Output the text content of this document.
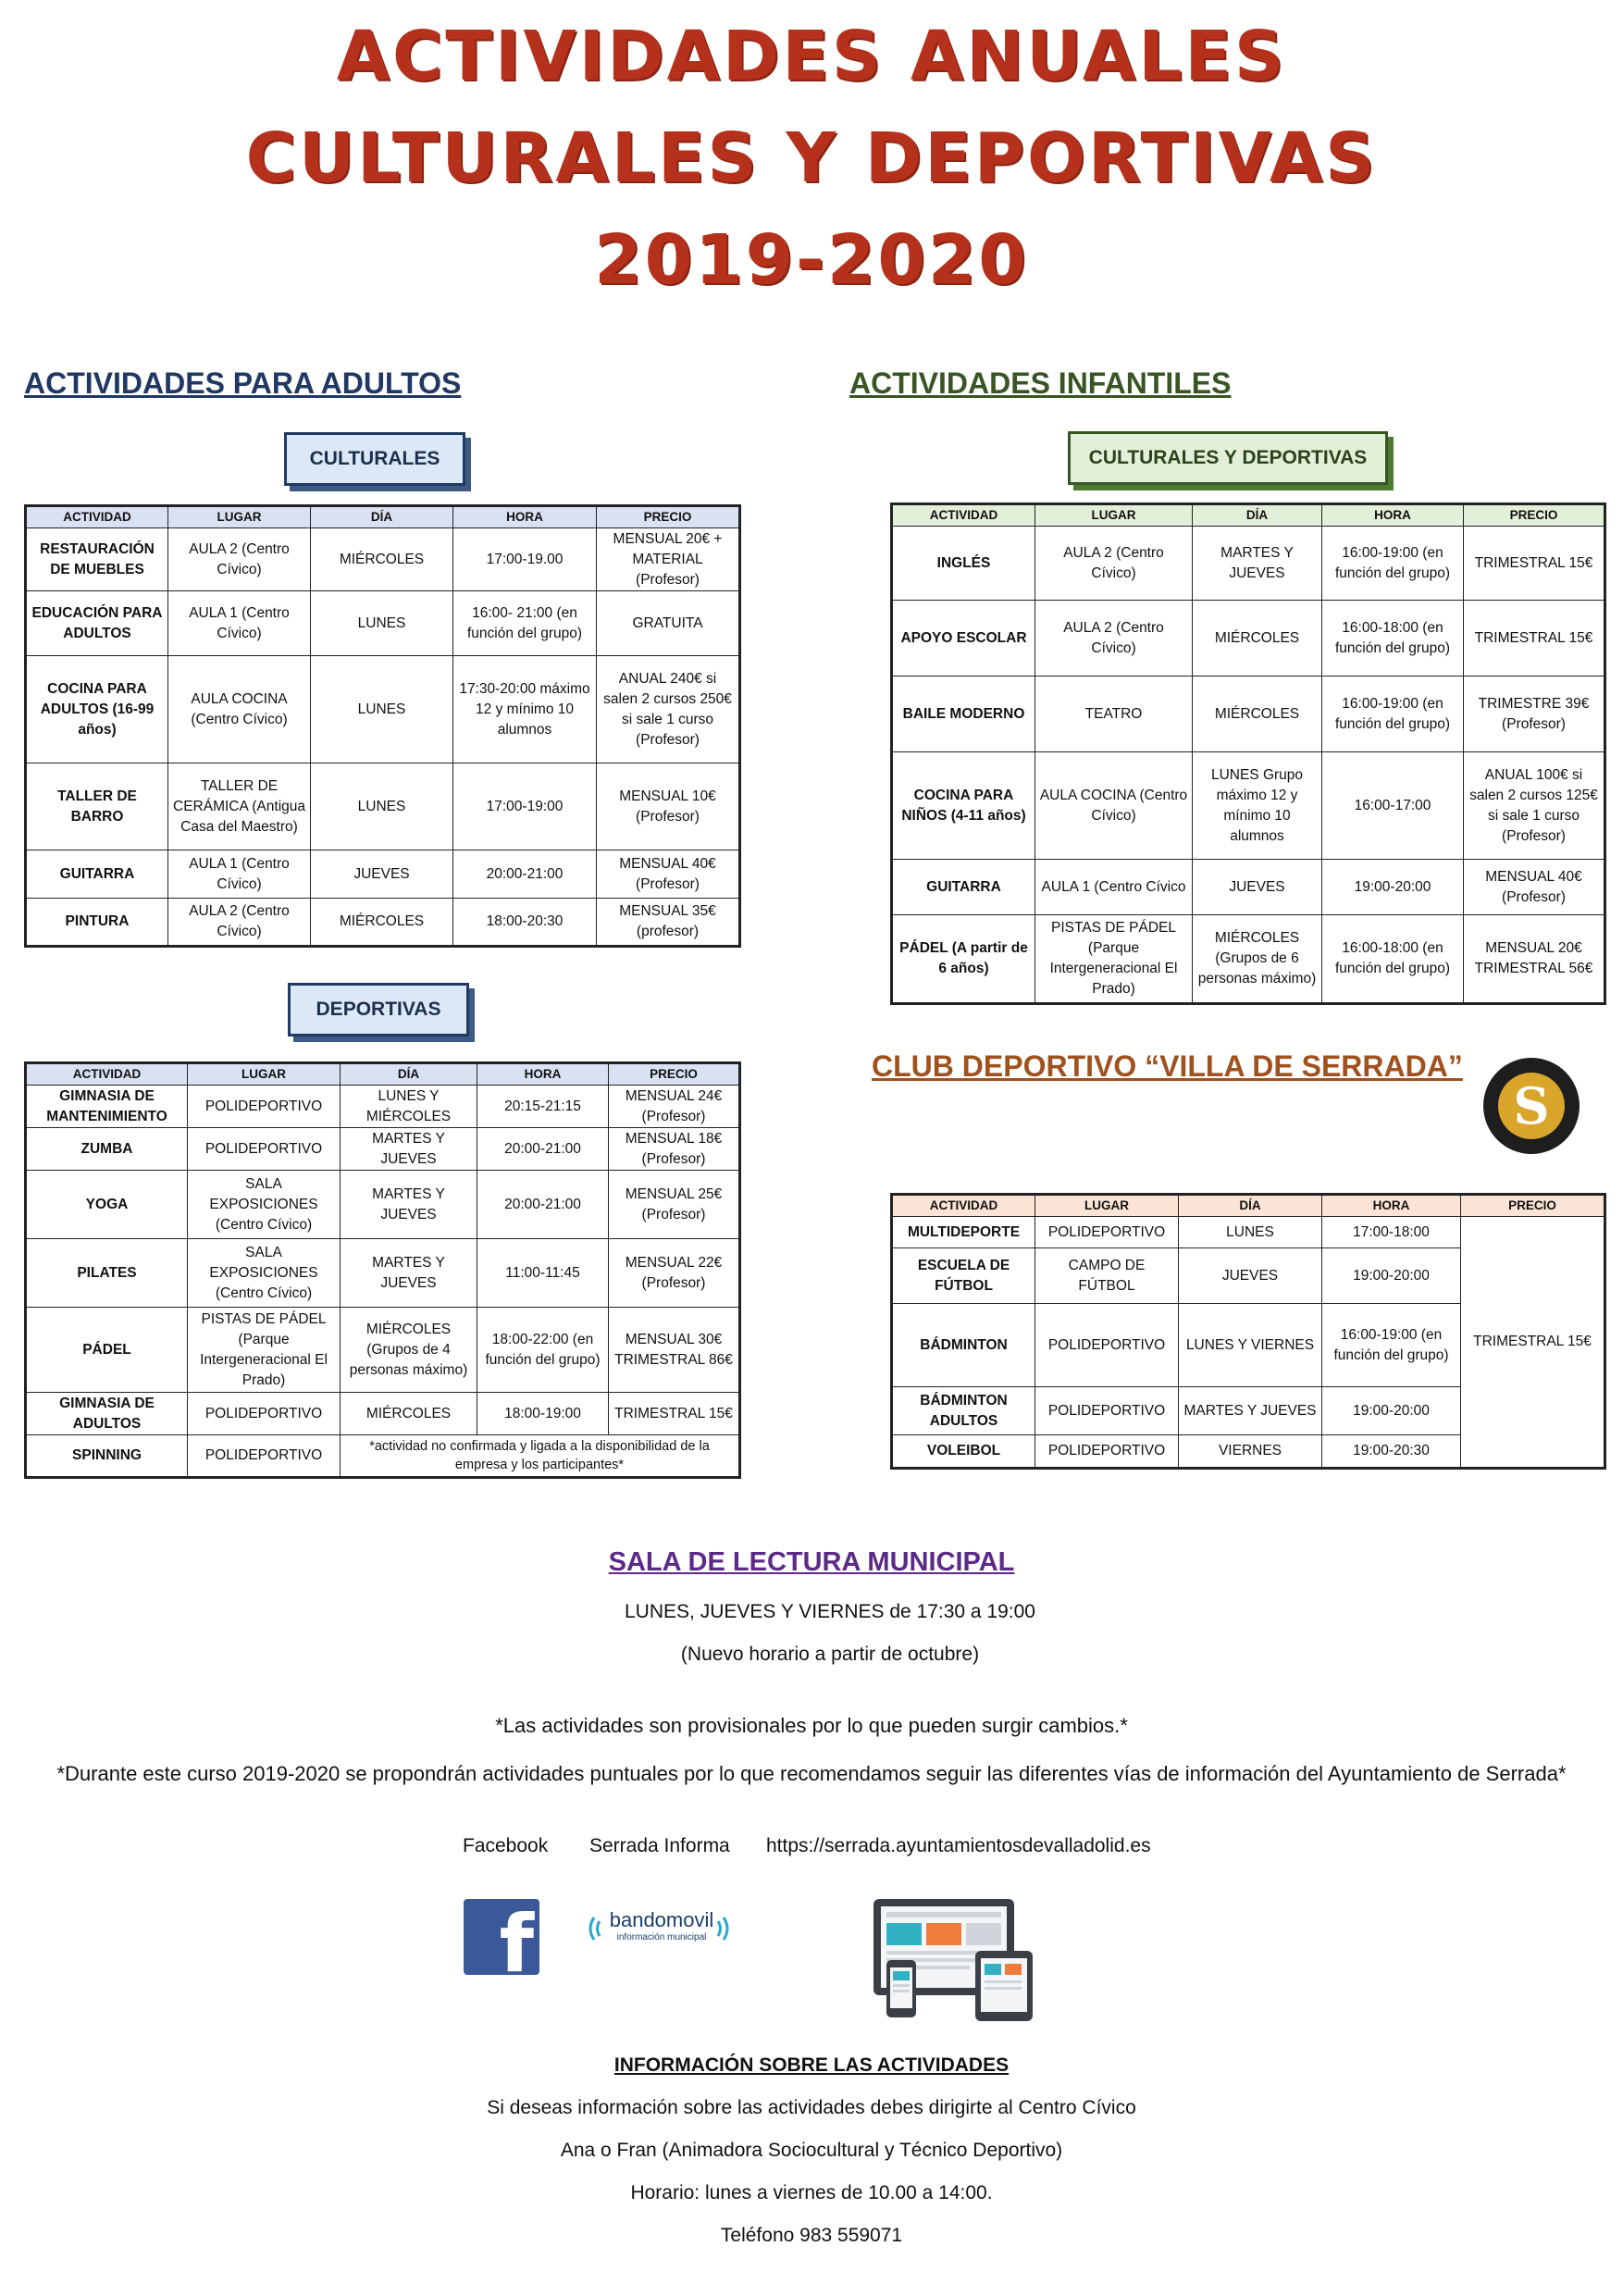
ACTIVIDADES ANUALES
CULTURALES Y DEPORTIVAS
2019-2020
ACTIVIDADES PARA ADULTOS
CULTURALES
ACTIVIDAD	LUGAR	DÍA	HORA	PRECIO
RESTAURACIÓN DE MUEBLES	AULA 2 (Centro Cívico)	MIÉRCOLES	17:00-19.00	MENSUAL 20€ + MATERIAL (Profesor)
EDUCACIÓN PARA ADULTOS	AULA 1 (Centro Cívico)	LUNES	16:00- 21:00 (en función del grupo)	GRATUITA
COCINA PARA ADULTOS (16-99 años)	AULA COCINA (Centro Cívico)	LUNES	17:30-20:00 máximo 12 y mínimo 10 alumnos	ANUAL 240€ si salen 2 cursos 250€ si sale 1 curso (Profesor)
TALLER DE BARRO	TALLER DE CERÁMICA (Antigua Casa del Maestro)	LUNES	17:00-19:00	MENSUAL 10€ (Profesor)
GUITARRA	AULA 1 (Centro Cívico)	JUEVES	20:00-21:00	MENSUAL 40€ (Profesor)
PINTURA	AULA 2 (Centro Cívico)	MIÉRCOLES	18:00-20:30	MENSUAL 35€ (profesor)
DEPORTIVAS
ACTIVIDAD	LUGAR	DÍA	HORA	PRECIO
GIMNASIA DE MANTENIMIENTO	POLIDEPORTIVO	LUNES Y MIÉRCOLES	20:15-21:15	MENSUAL 24€ (Profesor)
ZUMBA	POLIDEPORTIVO	MARTES Y JUEVES	20:00-21:00	MENSUAL 18€ (Profesor)
YOGA	SALA EXPOSICIONES (Centro Cívico)	MARTES Y JUEVES	20:00-21:00	MENSUAL 25€ (Profesor)
PILATES	SALA EXPOSICIONES (Centro Cívico)	MARTES Y JUEVES	11:00-11:45	MENSUAL 22€ (Profesor)
PÁDEL	PISTAS DE PÁDEL (Parque Intergeneracional El Prado)	MIÉRCOLES (Grupos de 4 personas máximo)	18:00-22:00 (en función del grupo)	MENSUAL 30€ TRIMESTRAL 86€
GIMNASIA DE ADULTOS	POLIDEPORTIVO	MIÉRCOLES	18:00-19:00	TRIMESTRAL 15€
SPINNING	POLIDEPORTIVO	*actividad no confirmada y ligada a la disponibilidad de la empresa y los participantes*		
ACTIVIDADES INFANTILES
CULTURALES Y DEPORTIVAS
ACTIVIDAD	LUGAR	DÍA	HORA	PRECIO
INGLÉS	AULA 2 (Centro Cívico)	MARTES Y JUEVES	16:00-19:00 (en función del grupo)	TRIMESTRAL 15€
APOYO ESCOLAR	AULA 2 (Centro Cívico)	MIÉRCOLES	16:00-18:00 (en función del grupo)	TRIMESTRAL 15€
BAILE MODERNO	TEATRO	MIÉRCOLES	16:00-19:00 (en función del grupo)	TRIMESTRE 39€ (Profesor)
COCINA PARA NIÑOS (4-11 años)	AULA COCINA (Centro Cívico)	LUNES Grupo máximo 12 y mínimo 10 alumnos	16:00-17:00	ANUAL 100€ si salen 2 cursos 125€ si sale 1 curso (Profesor)
GUITARRA	AULA 1 (Centro Cívico	JUEVES	19:00-20:00	MENSUAL 40€ (Profesor)
PÁDEL (A partir de 6 años)	PISTAS DE PÁDEL (Parque Intergeneracional El Prado)	MIÉRCOLES (Grupos de 6 personas máximo)	16:00-18:00 (en función del grupo)	MENSUAL 20€ TRIMESTRAL 56€
CLUB DEPORTIVO “VILLA DE SERRADA”
S
ACTIVIDAD	LUGAR	DÍA	HORA	PRECIO
MULTIDEPORTE	POLIDEPORTIVO	LUNES	17:00-18:00	TRIMESTRAL 15€
ESCUELA DE FÚTBOL	CAMPO DE FÚTBOL	JUEVES	19:00-20:00	
BÁDMINTON	POLIDEPORTIVO	LUNES Y VIERNES	16:00-19:00 (en función del grupo)	
BÁDMINTON ADULTOS	POLIDEPORTIVO	MARTES Y JUEVES	19:00-20:00	
VOLEIBOL	POLIDEPORTIVO	VIERNES	19:00-20:30	
SALA DE LECTURA MUNICIPAL
LUNES, JUEVES Y VIERNES de 17:30 a 19:00
(Nuevo horario a partir de octubre)
*Las actividades son provisionales por lo que pueden surgir cambios.*
*Durante este curso 2019-2020 se propondrán actividades puntuales por lo que recomendamos seguir las diferentes vías de información del Ayuntamiento de Serrada*
Facebook Serrada Informa https://serrada.ayuntamientosdevalladolid.es
f	bandomovil
información municipal
INFORMACIÓN SOBRE LAS ACTIVIDADES
Si deseas información sobre las actividades debes dirigirte al Centro Cívico
Ana o Fran (Animadora Sociocultural y Técnico Deportivo)
Horario: lunes a viernes de 10.00 a 14:00.
Teléfono 983 559071
